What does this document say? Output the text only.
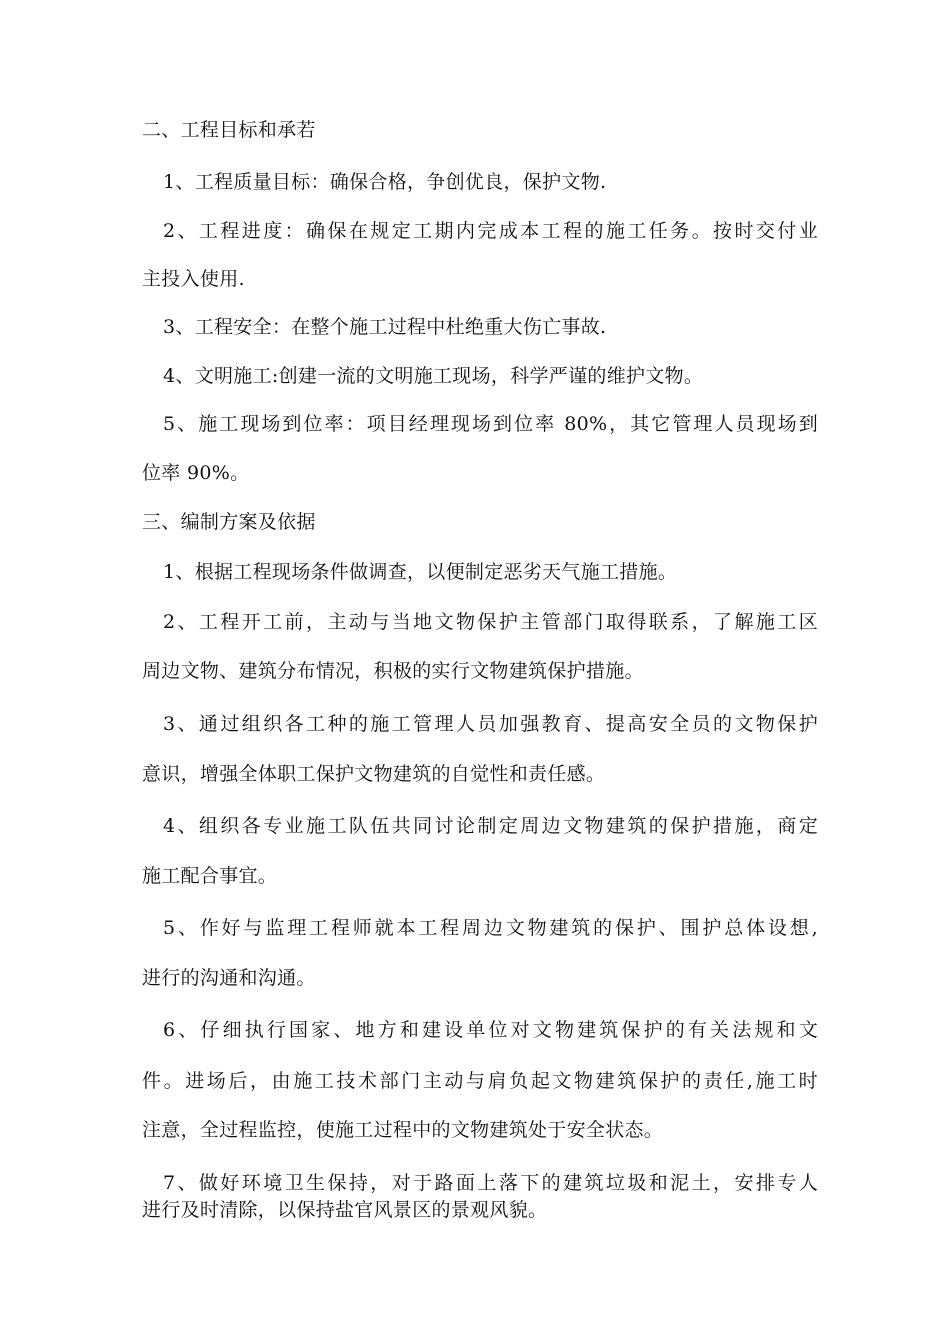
二、工程目标和承若
1、工程质量目标：确保合格，争创优良，保护文物.
2、工程进度：确保在规定工期内完成本工程的施工任务。按时交付业
主投入使用.
3、工程安全：在整个施工过程中杜绝重大伤亡事故.
4、文明施工:创建一流的文明施工现场，科学严谨的维护文物。
5、施工现场到位率：项目经理现场到位率 80%，其它管理人员现场到
位率 90%。
三、编制方案及依据
1、根据工程现场条件做调查，以便制定恶劣天气施工措施。
2、工程开工前，主动与当地文物保护主管部门取得联系，了解施工区
周边文物、建筑分布情况，积极的实行文物建筑保护措施。
3、通过组织各工种的施工管理人员加强教育、提高安全员的文物保护
意识，增强全体职工保护文物建筑的自觉性和责任感。
4、组织各专业施工队伍共同讨论制定周边文物建筑的保护措施，商定
施工配合事宜。
5、作好与监理工程师就本工程周边文物建筑的保护、围护总体设想,
进行的沟通和沟通。
6、仔细执行国家、地方和建设单位对文物建筑保护的有关法规和文
件。进场后，由施工技术部门主动与肩负起文物建筑保护的责任,施工时
注意，全过程监控，使施工过程中的文物建筑处于安全状态。
7、做好环境卫生保持，对于路面上落下的建筑垃圾和泥土，安排专人
进行及时清除，以保持盐官风景区的景观风貌。
